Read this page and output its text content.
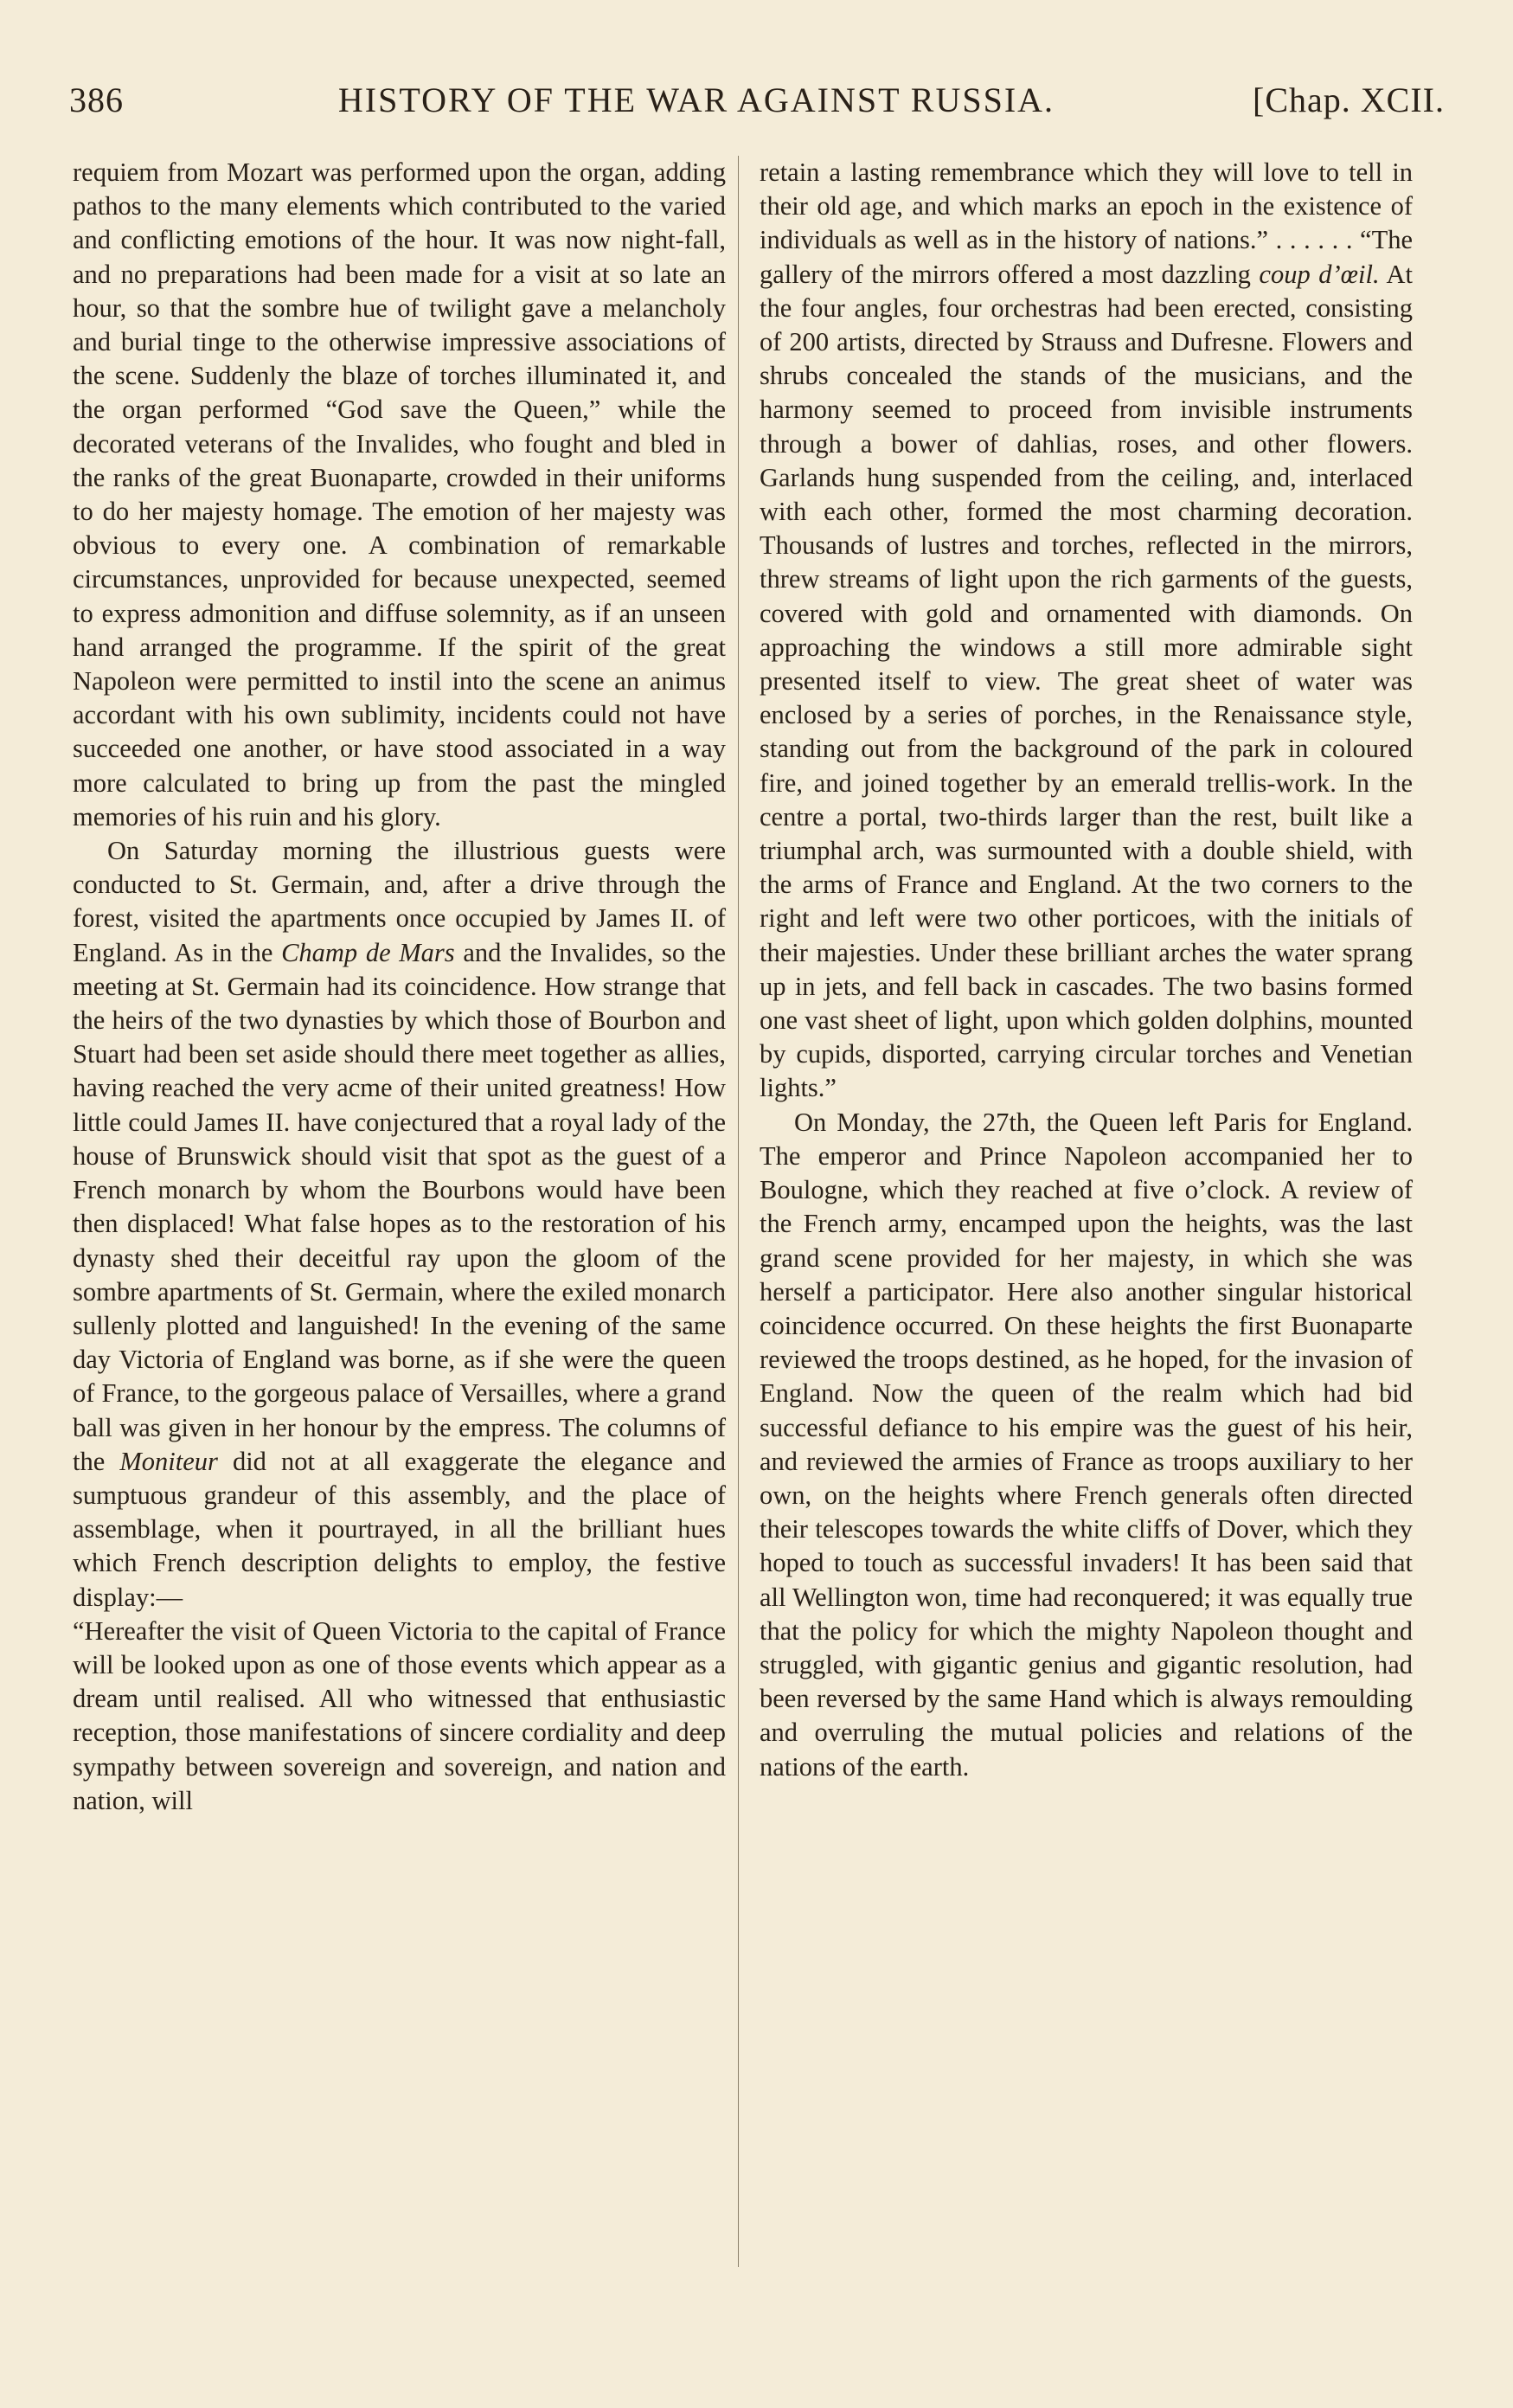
386	HISTORY OF THE WAR AGAINST RUSSIA.	[Chap. XCII.

requiem from Mozart was performed upon the organ, adding pathos to the many elements which contributed to the varied and conflicting emotions of the hour. It was now night-fall, and no preparations had been made for a visit at so late an hour, so that the sombre hue of twilight gave a melancholy and burial tinge to the otherwise impressive associations of the scene. Suddenly the blaze of torches illuminated it, and the organ performed “God save the Queen,” while the decorated veterans of the Invalides, who fought and bled in the ranks of the great Buonaparte, crowded in their uniforms to do her majesty homage. The emotion of her majesty was obvious to every one. A combination of remarkable circumstances, unprovided for because unexpected, seemed to express admonition and diffuse solemnity, as if an unseen hand arranged the programme. If the spirit of the great Napoleon were permitted to instil into the scene an animus accordant with his own sublimity, incidents could not have succeeded one another, or have stood associated in a way more calculated to bring up from the past the mingled memories of his ruin and his glory.

On Saturday morning the illustrious guests were conducted to St. Germain, and, after a drive through the forest, visited the apartments once occupied by James II. of England. As in the Champ de Mars and the Invalides, so the meeting at St. Germain had its coincidence. How strange that the heirs of the two dynasties by which those of Bourbon and Stuart had been set aside should there meet together as allies, having reached the very acme of their united greatness! How little could James II. have conjectured that a royal lady of the house of Brunswick should visit that spot as the guest of a French monarch by whom the Bourbons would have been then displaced! What false hopes as to the restoration of his dynasty shed their deceitful ray upon the gloom of the sombre apartments of St. Germain, where the exiled monarch sullenly plotted and languished! In the evening of the same day Victoria of England was borne, as if she were the queen of France, to the gorgeous palace of Versailles, where a grand ball was given in her honour by the empress. The columns of the Moniteur did not at all exaggerate the elegance and sumptuous grandeur of this assembly, and the place of assemblage, when it pourtrayed, in all the brilliant hues which French description delights to employ, the festive display:—

“Hereafter the visit of Queen Victoria to the capital of France will be looked upon as one of those events which appear as a dream until realised. All who witnessed that enthusiastic reception, those manifestations of sincere cordiality and deep sympathy between sovereign and sovereign, and nation and nation, will

retain a lasting remembrance which they will love to tell in their old age, and which marks an epoch in the existence of individuals as well as in the history of nations.” . . . . . . “The gallery of the mirrors offered a most dazzling coup d’œil. At the four angles, four orchestras had been erected, consisting of 200 artists, directed by Strauss and Dufresne. Flowers and shrubs concealed the stands of the musicians, and the harmony seemed to proceed from invisible instruments through a bower of dahlias, roses, and other flowers. Garlands hung suspended from the ceiling, and, interlaced with each other, formed the most charming decoration. Thousands of lustres and torches, reflected in the mirrors, threw streams of light upon the rich garments of the guests, covered with gold and ornamented with diamonds. On approaching the windows a still more admirable sight presented itself to view. The great sheet of water was enclosed by a series of porches, in the Renaissance style, standing out from the background of the park in coloured fire, and joined together by an emerald trellis-work. In the centre a portal, two-thirds larger than the rest, built like a triumphal arch, was surmounted with a double shield, with the arms of France and England. At the two corners to the right and left were two other porticoes, with the initials of their majesties. Under these brilliant arches the water sprang up in jets, and fell back in cascades. The two basins formed one vast sheet of light, upon which golden dolphins, mounted by cupids, disported, carrying circular torches and Venetian lights.”

On Monday, the 27th, the Queen left Paris for England. The emperor and Prince Napoleon accompanied her to Boulogne, which they reached at five o’clock. A review of the French army, encamped upon the heights, was the last grand scene provided for her majesty, in which she was herself a participator. Here also another singular historical coincidence occurred. On these heights the first Buonaparte reviewed the troops destined, as he hoped, for the invasion of England. Now the queen of the realm which had bid successful defiance to his empire was the guest of his heir, and reviewed the armies of France as troops auxiliary to her own, on the heights where French generals often directed their telescopes towards the white cliffs of Dover, which they hoped to touch as successful invaders! It has been said that all Wellington won, time had reconquered; it was equally true that the policy for which the mighty Napoleon thought and struggled, with gigantic genius and gigantic resolution, had been reversed by the same Hand which is always remoulding and overruling the mutual policies and relations of the nations of the earth.
